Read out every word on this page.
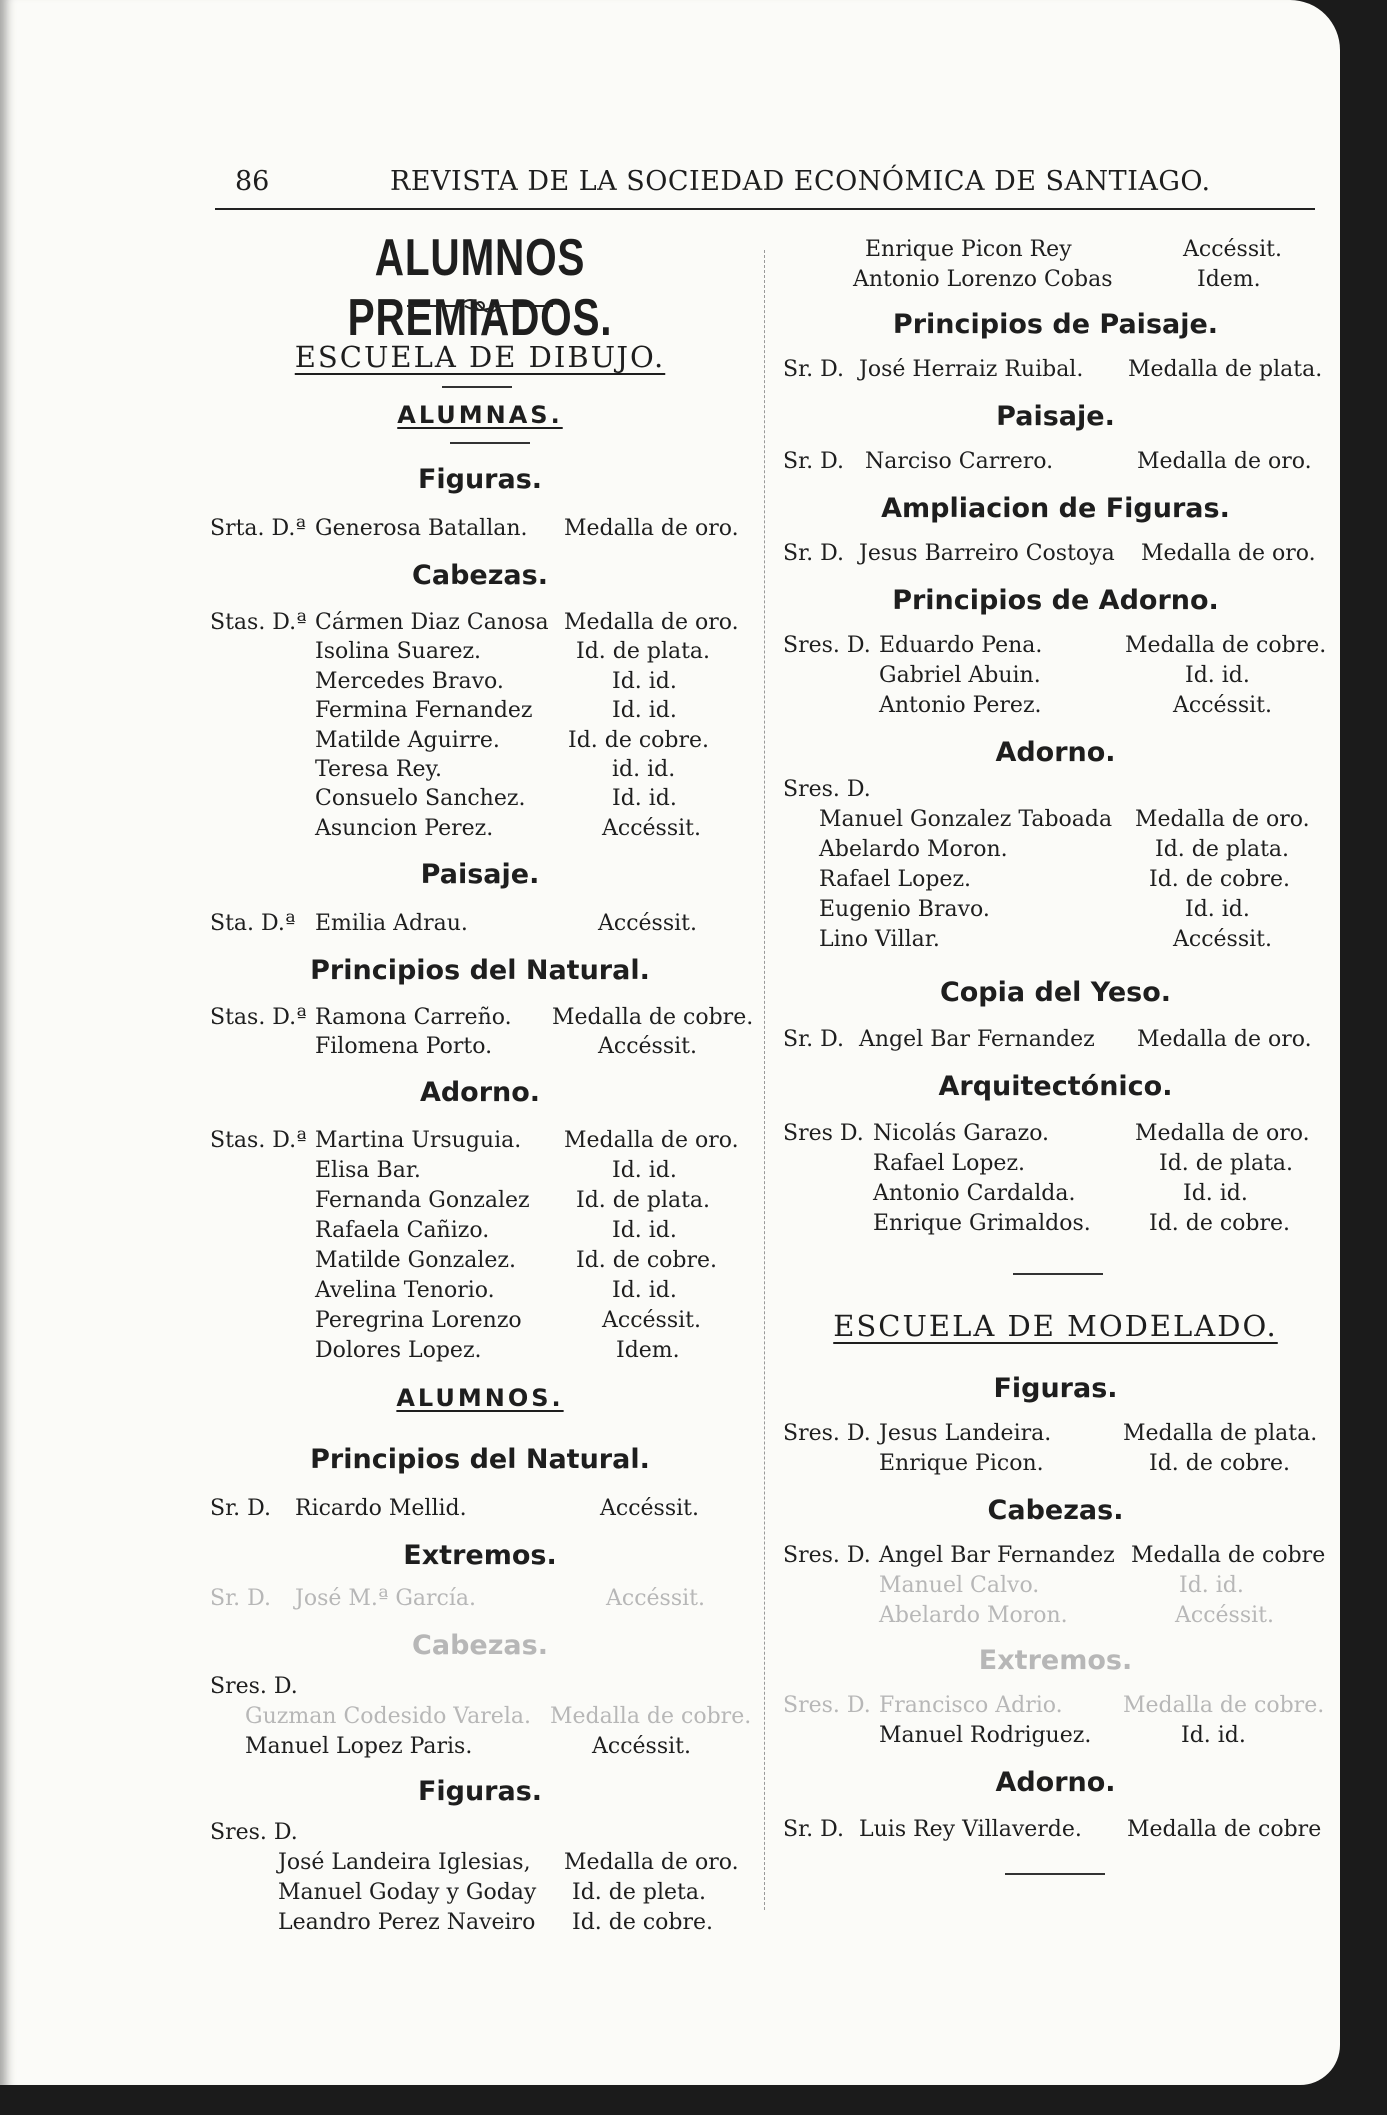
86	REVISTA DE LA SOCIEDAD ECONÓMICA DE SANTIAGO.
ALUMNOS PREMIADOS.
ESCUELA DE DIBUJO.
ALUMNAS.
Figuras.
Srta. D.ª Generosa Batallan. Medalla de oro.
Cabezas.
Stas. D.ª Cármen Diaz Canosa Medalla de oro.
Isolina Suarez.	Id. de plata.
Mercedes Bravo.	Id. id.
Fermina Fernandez	Id. id.
Matilde Aguirre.	Id. de cobre.
Teresa Rey.	id. id.
Consuelo Sanchez.	Id. id.
Asuncion Perez.	Accéssit.
Paisaje.
Sta. D.ª Emilia Adrau.	Accéssit.
Principios del Natural.
Stas. D.ª Ramona Carreño. Medalla de cobre.
Filomena Porto.	Accéssit.
Adorno.
Stas. D.ª Martina Ursuguia. Medalla de oro.
Elisa Bar.	Id. id.
Fernanda Gonzalez Id. de plata.
Rafaela Cañizo.	Id. id.
Matilde Gonzalez.	Id. de cobre.
Avelina Tenorio.	Id. id.
Peregrina Lorenzo	Accéssit.
Dolores Lopez.	Idem.
ALUMNOS.
Principios del Natural.
Sr. D. Ricardo Mellid.	Accéssit.
Extremos.
Sr. D. José M.ª García.	Accéssit.
Cabezas.
Sres. D.
Guzman Codesido Varela. Medalla de cobre.
Manuel Lopez Paris.	Accéssit.
Figuras.
Sres. D.
José Landeira Iglesias, Medalla de oro.
Manuel Goday y Goday Id. de pleta.
Leandro Perez Naveiro Id. de cobre.
Enrique Picon Rey	Accéssit.
Antonio Lorenzo Cobas	Idem.
Principios de Paisaje.
Sr. D. José Herraiz Ruibal. Medalla de plata.
Paisaje.
Sr. D. Narciso Carrero.	Medalla de oro.
Ampliacion de Figuras.
Sr. D. Jesus Barreiro Costoya Medalla de oro.
Principios de Adorno.
Sres. D. Eduardo Pena.	Medalla de cobre.
Gabriel Abuin.	Id. id.
Antonio Perez.	Accéssit.
Adorno.
Sres. D.
Manuel Gonzalez Taboada Medalla de oro.
Abelardo Moron.	Id. de plata.
Rafael Lopez.	Id. de cobre.
Eugenio Bravo.	Id. id.
Lino Villar.	Accéssit.
Copia del Yeso.
Sr. D. Angel Bar Fernandez Medalla de oro.
Arquitectónico.
Sres D. Nicolás Garazo.	Medalla de oro.
Rafael Lopez.	Id. de plata.
Antonio Cardalda.	Id. id.
Enrique Grimaldos.	Id. de cobre.
ESCUELA DE MODELADO.
Figuras.
Sres. D. Jesus Landeira.	Medalla de plata.
Enrique Picon.	Id. de cobre.
Cabezas.
Sres. D. Angel Bar Fernandez Medalla de cobre
Manuel Calvo.	Id. id.
Abelardo Moron.	Accéssit.
Extremos.
Sres. D. Francisco Adrio.	Medalla de cobre.
Manuel Rodriguez.	Id. id.
Adorno.
Sr. D. Luis Rey Villaverde. Medalla de cobre
